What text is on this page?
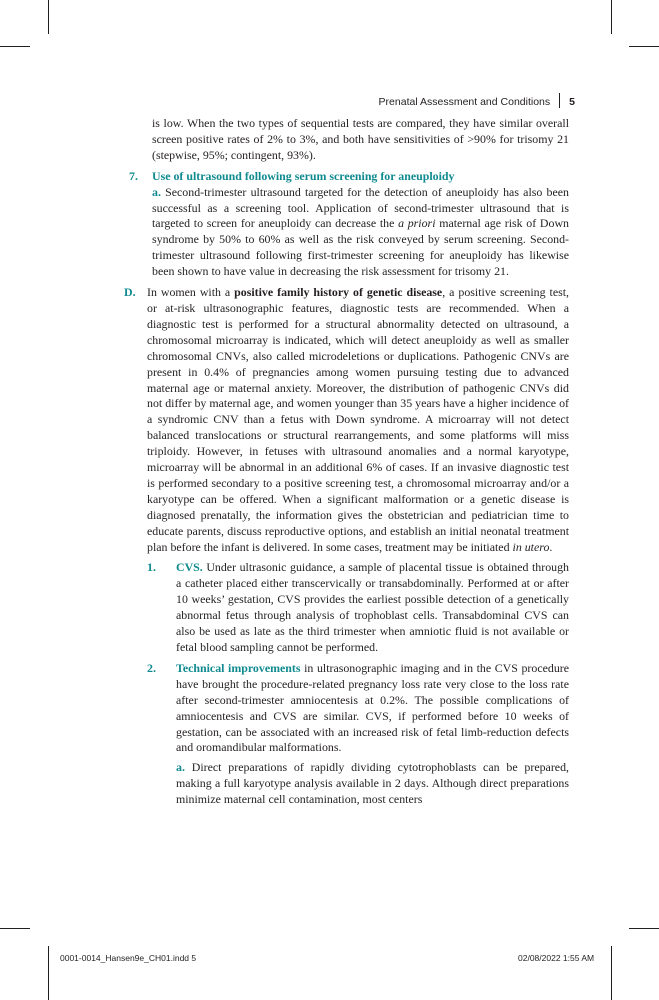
Prenatal Assessment and Conditions 5

is low. When the two types of sequential tests are compared, they have similar overall screen positive rates of 2% to 3%, and both have sensitivities of >90% for trisomy 21 (stepwise, 95%; contingent, 93%).

7. Use of ultrasound following serum screening for aneuploidy

a. Second-trimester ultrasound targeted for the detection of aneuploidy has also been successful as a screening tool. Application of second-trimester ultrasound that is targeted to screen for aneuploidy can decrease the a priori maternal age risk of Down syndrome by 50% to 60% as well as the risk conveyed by serum screening. Second-trimester ultrasound following first-trimester screening for aneuploidy has likewise been shown to have value in decreasing the risk assessment for trisomy 21.

D. In women with a positive family history of genetic disease, a positive screening test, or at-risk ultrasonographic features, diagnostic tests are recommended. When a diagnostic test is performed for a structural abnormality detected on ultrasound, a chromosomal microarray is indicated, which will detect aneuploidy as well as smaller chromosomal CNVs, also called microdeletions or duplications. Pathogenic CNVs are present in 0.4% of pregnancies among women pursuing testing due to advanced maternal age or maternal anxiety. Moreover, the distribution of pathogenic CNVs did not differ by maternal age, and women younger than 35 years have a higher incidence of a syndromic CNV than a fetus with Down syndrome. A microarray will not detect balanced translocations or structural rearrangements, and some platforms will miss triploidy. However, in fetuses with ultrasound anomalies and a normal karyotype, microarray will be abnormal in an additional 6% of cases. If an invasive diagnostic test is performed secondary to a positive screening test, a chromosomal microarray and/or a karyotype can be offered. When a significant malformation or a genetic disease is diagnosed prenatally, the information gives the obstetrician and pediatrician time to educate parents, discuss reproductive options, and establish an initial neonatal treatment plan before the infant is delivered. In some cases, treatment may be initiated in utero.

1. CVS. Under ultrasonic guidance, a sample of placental tissue is obtained through a catheter placed either transcervically or transabdominally. Performed at or after 10 weeks’ gestation, CVS provides the earliest possible detection of a genetically abnormal fetus through analysis of trophoblast cells. Transabdominal CVS can also be used as late as the third trimester when amniotic fluid is not available or fetal blood sampling cannot be performed.

2. Technical improvements in ultrasonographic imaging and in the CVS procedure have brought the procedure-related pregnancy loss rate very close to the loss rate after second-trimester amniocentesis at 0.2%. The possible complications of amniocentesis and CVS are similar. CVS, if performed before 10 weeks of gestation, can be associated with an increased risk of fetal limb-reduction defects and oromandibular malformations.

a. Direct preparations of rapidly dividing cytotrophoblasts can be prepared, making a full karyotype analysis available in 2 days. Although direct preparations minimize maternal cell contamination, most centers

0001-0014_Hansen9e_CH01.indd 5	02/08/2022 1:55 AM
